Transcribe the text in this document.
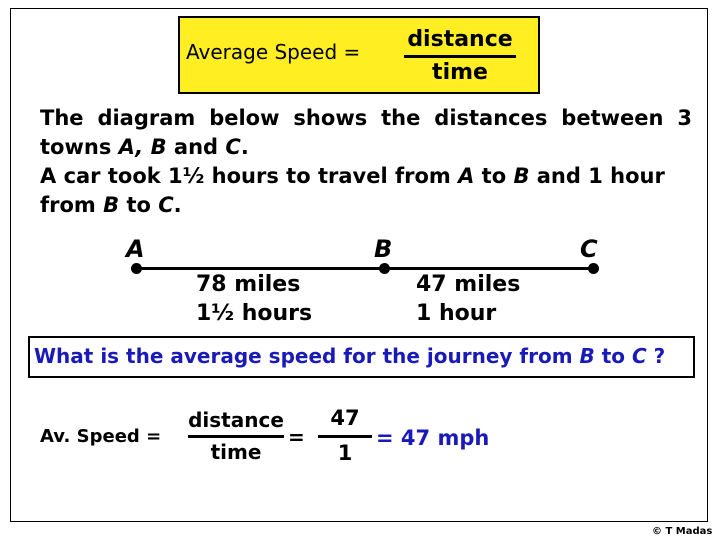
Average Speed =	distance
time
The diagram below shows the distances between 3
towns A, B and C.
A car took 1½ hours to travel from A to B and 1 hour
from B to C.
A	B	C
78 miles
1½ hours
47 miles
1 hour
What is the average speed for the journey from B to C ?
Av. Speed =
distance
time
=
47
1
= 47 mph
© T Madas
